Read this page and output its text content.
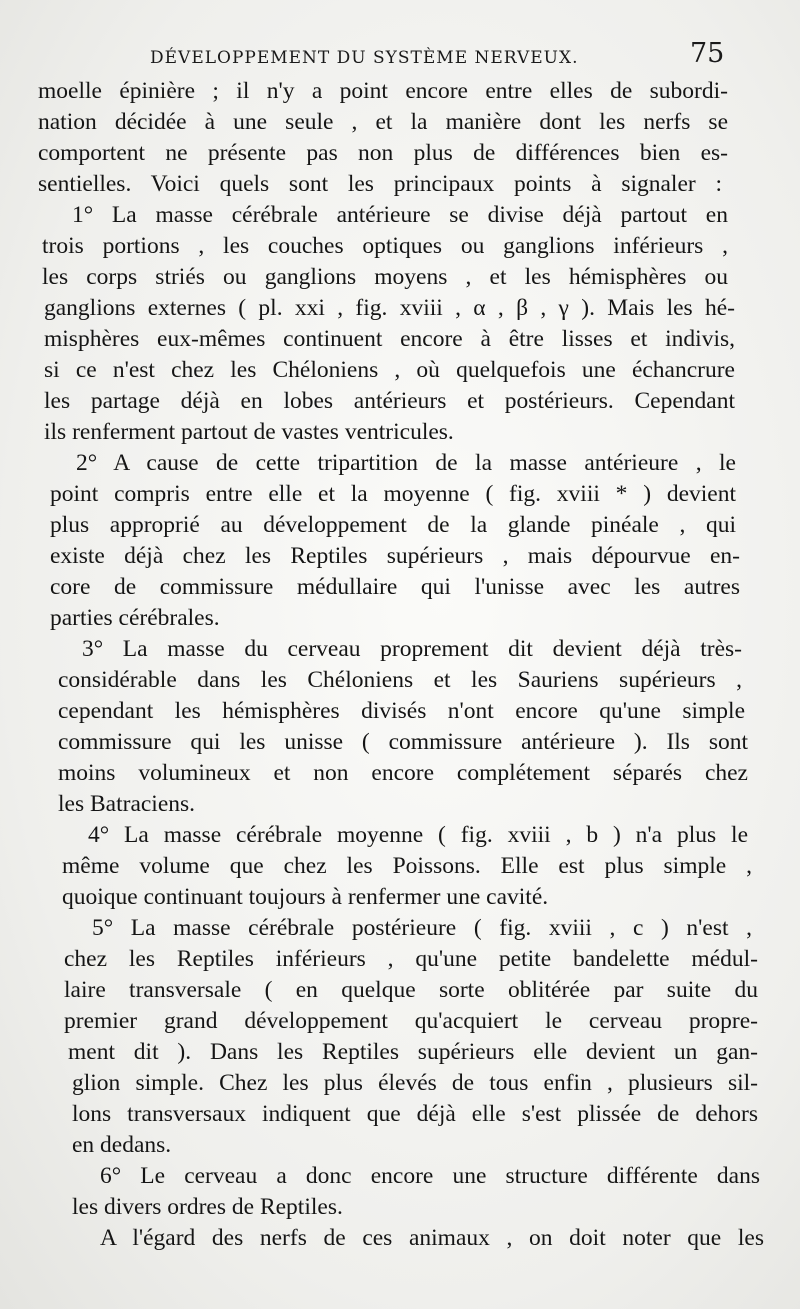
DÉVELOPPEMENT DU SYSTÈME NERVEUX.	75
moelle épinière ; il n'y a point encore entre elles de subordi-
nation décidée à une seule , et la manière dont les nerfs se
comportent ne présente pas non plus de différences bien es-
sentielles. Voici quels sont les principaux points à signaler :
1° La masse cérébrale antérieure se divise déjà partout en
trois portions , les couches optiques ou ganglions inférieurs ,
les corps striés ou ganglions moyens , et les hémisphères ou
ganglions externes ( pl. xxi , fig. xviii , α , β , γ ). Mais les hé-
misphères eux-mêmes continuent encore à être lisses et indivis,
si ce n'est chez les Chéloniens , où quelquefois une échancrure
les partage déjà en lobes antérieurs et postérieurs. Cependant
ils renferment partout de vastes ventricules.
2° A cause de cette tripartition de la masse antérieure , le
point compris entre elle et la moyenne ( fig. xviii * ) devient
plus approprié au développement de la glande pinéale , qui
existe déjà chez les Reptiles supérieurs , mais dépourvue en-
core de commissure médullaire qui l'unisse avec les autres
parties cérébrales.
3° La masse du cerveau proprement dit devient déjà très-
considérable dans les Chéloniens et les Sauriens supérieurs ,
cependant les hémisphères divisés n'ont encore qu'une simple
commissure qui les unisse ( commissure antérieure ). Ils sont
moins volumineux et non encore complétement séparés chez
les Batraciens.
4° La masse cérébrale moyenne ( fig. xviii , b ) n'a plus le
même volume que chez les Poissons. Elle est plus simple ,
quoique continuant toujours à renfermer une cavité.
5° La masse cérébrale postérieure ( fig. xviii , c ) n'est ,
chez les Reptiles inférieurs , qu'une petite bandelette médul-
laire transversale ( en quelque sorte oblitérée par suite du
premier grand développement qu'acquiert le cerveau propre-
ment dit ). Dans les Reptiles supérieurs elle devient un gan-
glion simple. Chez les plus élevés de tous enfin , plusieurs sil-
lons transversaux indiquent que déjà elle s'est plissée de dehors
en dedans.
6° Le cerveau a donc encore une structure différente dans
les divers ordres de Reptiles.
A l'égard des nerfs de ces animaux , on doit noter que les
